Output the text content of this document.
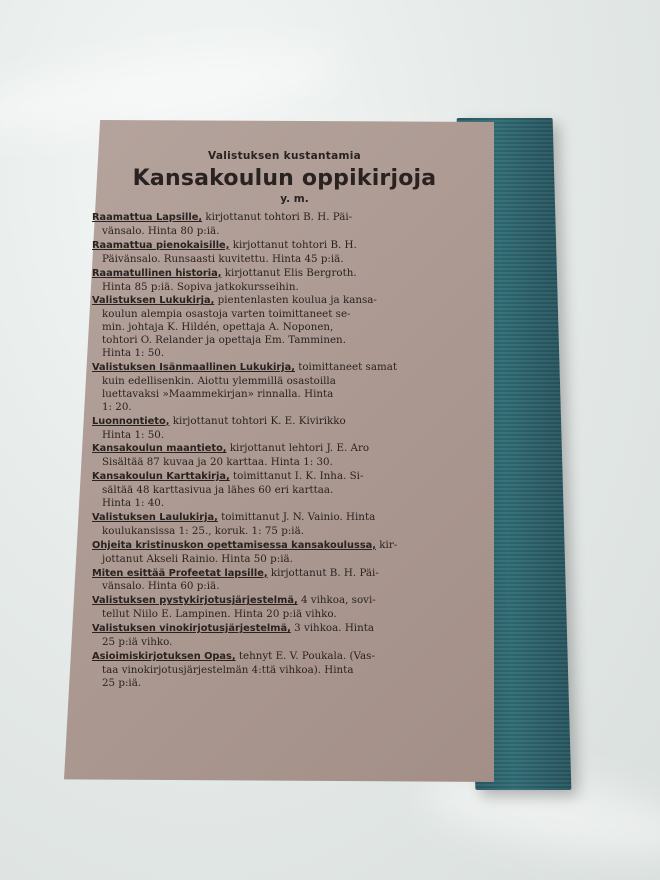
Valistuksen kustantamia
Kansakoulun oppikirjoja
y. m.
Raamattua Lapsille, kirjottanut tohtori B. H. Päi-
vänsalo. Hinta 80 p:iä.
Raamattua pienokaisille, kirjottanut tohtori B. H.
Päivänsalo. Runsaasti kuvitettu. Hinta 45 p:iä.
Raamatullinen historia, kirjottanut Elis Bergroth.
Hinta 85 p:iä. Sopiva jatkokursseihin.
Valistuksen Lukukirja, pientenlasten koulua ja kansa-
koulun alempia osastoja varten toimittaneet se-
min. johtaja K. Hildén, opettaja A. Noponen,
tohtori O. Relander ja opettaja Em. Tamminen.
Hinta 1: 50.
Valistuksen Isänmaallinen Lukukirja, toimittaneet samat
kuin edellisenkin. Aiottu ylemmillä osastoilla
luettavaksi »Maammekirjan» rinnalla. Hinta
1: 20.
Luonnontieto, kirjottanut tohtori K. E. Kivirikko
Hinta 1: 50.
Kansakoulun maantieto, kirjottanut lehtori J. E. Aro
Sisältää 87 kuvaa ja 20 karttaa. Hinta 1: 30.
Kansakoulun Karttakirja, toimittanut I. K. Inha. Si-
sältää 48 karttasivua ja lähes 60 eri karttaa.
Hinta 1: 40.
Valistuksen Laulukirja, toimittanut J. N. Vainio. Hinta
koulukansissa 1: 25., koruk. 1: 75 p:iä.
Ohjeita kristinuskon opettamisessa kansakoulussa, kir-
jottanut Akseli Rainio. Hinta 50 p:iä.
Miten esittää Profeetat lapsille, kirjottanut B. H. Päi-
vänsalo. Hinta 60 p:iä.
Valistuksen pystykirjotusjärjestelmä, 4 vihkoa, sovi-
tellut Niilo E. Lampinen. Hinta 20 p:iä vihko.
Valistuksen vinokirjotusjärjestelmä, 3 vihkoa. Hinta
25 p:iä vihko.
Asioimiskirjotuksen Opas, tehnyt E. V. Poukala. (Vas-
taa vinokirjotusjärjestelmän 4:ttä vihkoa). Hinta
25 p:iä.
